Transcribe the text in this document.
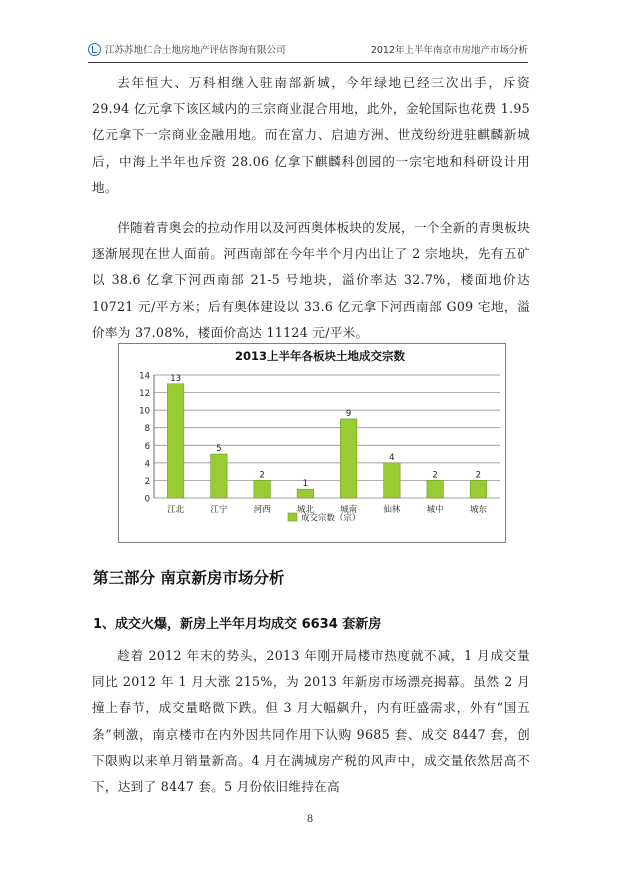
江苏苏地仁合土地房地产评估咨询有限公司	2012年上半年南京市房地产市场分析

去年恒大、万科相继入驻南部新城，今年绿地已经三次出手，斥资 29.94 亿元拿下该区域内的三宗商业混合用地，此外，金轮国际也花费 1.95 亿元拿下一宗商业金融用地。而在富力、启迪方洲、世茂纷纷进驻麒麟新城后，中海上半年也斥资 28.06 亿拿下麒麟科创园的一宗宅地和科研设计用地。

伴随着青奥会的拉动作用以及河西奥体板块的发展，一个全新的青奥板块逐渐展现在世人面前。河西南部在今年半个月内出让了 2 宗地块，先有五矿以 38.6 亿拿下河西南部 21-5 号地块，溢价率达 32.7%，楼面地价达 10721 元/平方米；后有奥体建设以 33.6 亿元拿下河西南部 G09 宅地，溢价率为 37.08%，楼面价高达 11124 元/平米。

2013上半年各板块土地成交宗数
0
2
4
6
8
10
12
14 13
江北
5
江宁
2
河西
1
城北
9
城南
4
仙林
2
城中
2
城东
成交宗数（宗）
第三部分 南京新房市场分析
1、成交火爆，新房上半年月均成交 6634 套新房

趁着 2012 年末的势头，2013 年刚开局楼市热度就不减，1 月成交量同比 2012 年 1 月大涨 215%，为 2013 年新房市场漂亮揭幕。虽然 2 月撞上春节，成交量略微下跌。但 3 月大幅飙升，内有旺盛需求，外有“国五条”刺激，南京楼市在内外因共同作用下认购 9685 套、成交 8447 套，创下限购以来单月销量新高。4 月在满城房产税的风声中，成交量依然居高不下，达到了 8447 套。5 月份依旧维持在高

8
